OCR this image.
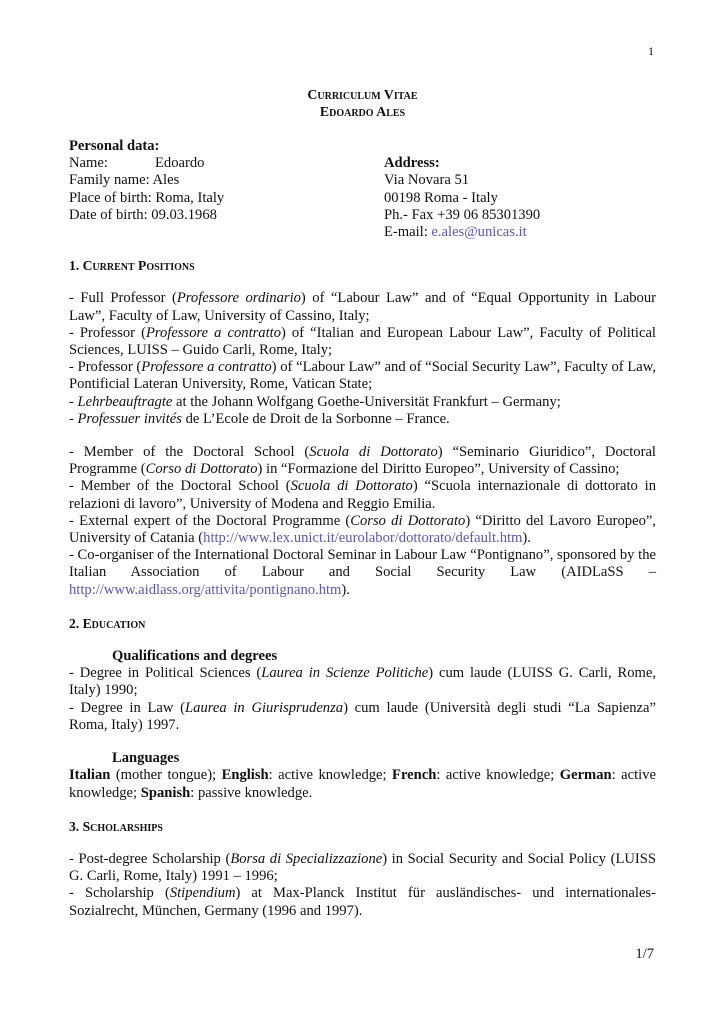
1
Curriculum Vitae
Edoardo Ales
Personal data:
Name:	Edoardo
Family name: Ales
Place of birth: Roma, Italy
Date of birth: 09.03.1968
Address:
Via Novara 51
00198 Roma - Italy
Ph.- Fax +39 06 85301390
E-mail: e.ales@unicas.it
1. Current Positions

- Full Professor (Professore ordinario) of “Labour Law” and of “Equal Opportunity in Labour Law”, Faculty of Law, University of Cassino, Italy;

- Professor (Professore a contratto) of “Italian and European Labour Law”, Faculty of Political Sciences, LUISS – Guido Carli, Rome, Italy;

- Professor (Professore a contratto) of “Labour Law” and of “Social Security Law”, Faculty of Law, Pontificial Lateran University, Rome, Vatican State;

- Lehrbeauftragte at the Johann Wolfgang Goethe-Universität Frankfurt – Germany;

- Professuer invités de L’Ecole de Droit de la Sorbonne – France.

- Member of the Doctoral School (Scuola di Dottorato) “Seminario Giuridico”, Doctoral Programme (Corso di Dottorato) in “Formazione del Diritto Europeo”, University of Cassino;

- Member of the Doctoral School (Scuola di Dottorato) “Scuola internazionale di dottorato in relazioni di lavoro”, University of Modena and Reggio Emilia.

- External expert of the Doctoral Programme (Corso di Dottorato) “Diritto del Lavoro Europeo”, University of Catania (http://www.lex.unict.it/eurolabor/dottorato/default.htm).

- Co-organiser of the International Doctoral Seminar in Labour Law “Pontignano”, sponsored by the Italian Association of Labour and Social Security Law (AIDLaSS – http://www.aidlass.org/attivita/pontignano.htm).

2. Education
Qualifications and degrees

- Degree in Political Sciences (Laurea in Scienze Politiche) cum laude (LUISS G. Carli, Rome, Italy) 1990;

- Degree in Law (Laurea in Giurisprudenza) cum laude (Università degli studi “La Sapienza” Roma, Italy) 1997.

Languages
Italian (mother tongue); English: active knowledge; French: active knowledge; German: active knowledge; Spanish: passive knowledge.
3. Scholarships

- Post-degree Scholarship (Borsa di Specializzazione) in Social Security and Social Policy (LUISS G. Carli, Rome, Italy) 1991 – 1996;

- Scholarship (Stipendium) at Max-Planck Institut für ausländisches- und internationales-Sozialrecht, München, Germany (1996 and 1997).

1/7
